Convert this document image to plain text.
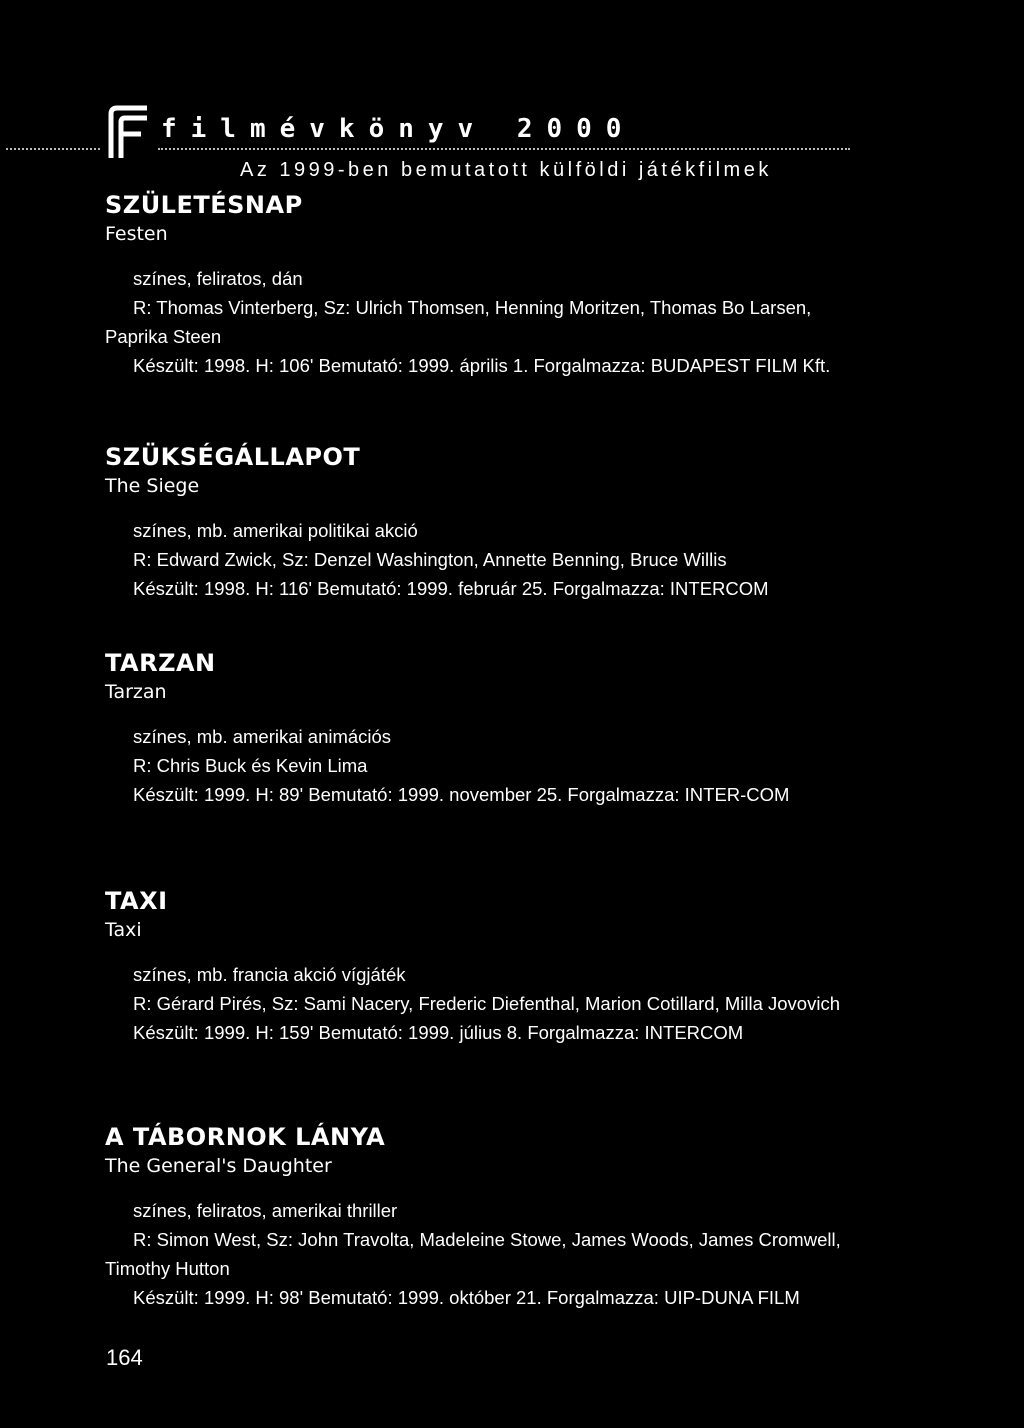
filmévkönyv 2000
Az 1999-ben bemutatott külföldi játékfilmek
SZÜLETÉSNAP
Festen

színes, feliratos, dán

R: Thomas Vinterberg, Sz: Ulrich Thomsen, Henning Moritzen, Thomas Bo Larsen, Paprika Steen

Készült: 1998. H: 106' Bemutató: 1999. április 1. Forgalmazza: BUDAPEST FILM Kft.

SZÜKSÉGÁLLAPOT
The Siege

színes, mb. amerikai politikai akció

R: Edward Zwick, Sz: Denzel Washington, Annette Benning, Bruce Willis

Készült: 1998. H: 116' Bemutató: 1999. február 25. Forgalmazza: INTERCOM

TARZAN
Tarzan

színes, mb. amerikai animációs

R: Chris Buck és Kevin Lima

Készült: 1999. H: 89' Bemutató: 1999. november 25. Forgalmazza: INTER-COM

TAXI
Taxi

színes, mb. francia akció vígjáték

R: Gérard Pirés, Sz: Sami Nacery, Frederic Diefenthal, Marion Cotillard, Milla Jovovich

Készült: 1999. H: 159' Bemutató: 1999. július 8. Forgalmazza: INTERCOM

A TÁBORNOK LÁNYA
The General's Daughter

színes, feliratos, amerikai thriller

R: Simon West, Sz: John Travolta, Madeleine Stowe, James Woods, James Cromwell, Timothy Hutton

Készült: 1999. H: 98' Bemutató: 1999. október 21. Forgalmazza: UIP-DUNA FILM

164
